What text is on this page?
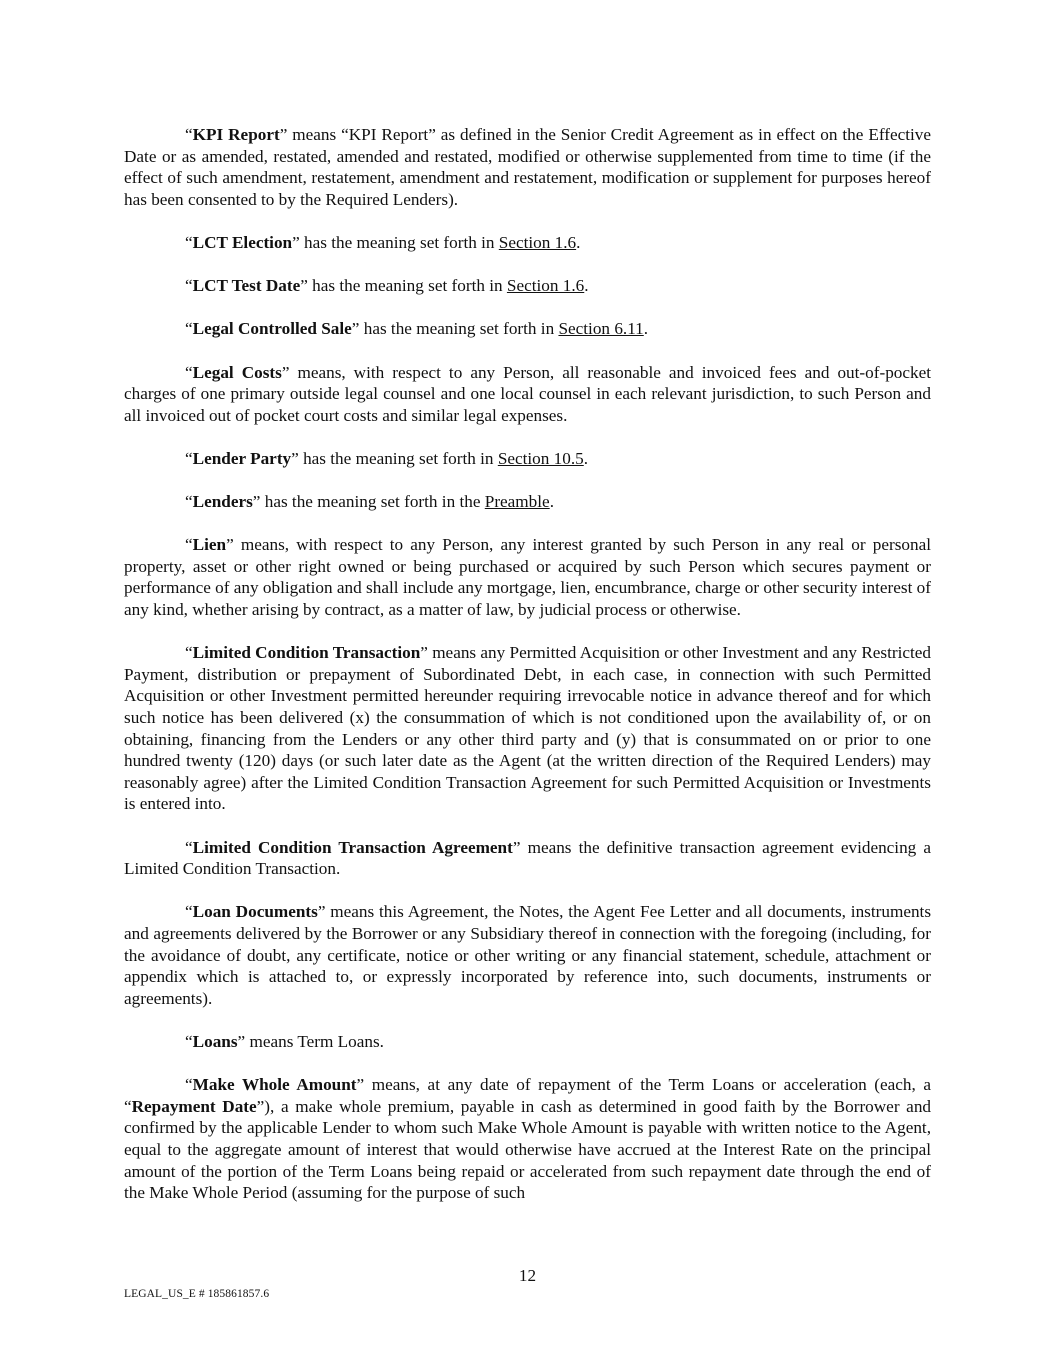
“KPI Report” means “KPI Report” as defined in the Senior Credit Agreement as in effect on the Effective Date or as amended, restated, amended and restated, modified or otherwise supplemented from time to time (if the effect of such amendment, restatement, amendment and restatement, modification or supplement for purposes hereof has been consented to by the Required Lenders).

“LCT Election” has the meaning set forth in Section 1.6.

“LCT Test Date” has the meaning set forth in Section 1.6.

“Legal Controlled Sale” has the meaning set forth in Section 6.11.

“Legal Costs” means, with respect to any Person, all reasonable and invoiced fees and out-of-pocket charges of one primary outside legal counsel and one local counsel in each relevant jurisdiction, to such Person and all invoiced out of pocket court costs and similar legal expenses.

“Lender Party” has the meaning set forth in Section 10.5.

“Lenders” has the meaning set forth in the Preamble.

“Lien” means, with respect to any Person, any interest granted by such Person in any real or personal property, asset or other right owned or being purchased or acquired by such Person which secures payment or performance of any obligation and shall include any mortgage, lien, encumbrance, charge or other security interest of any kind, whether arising by contract, as a matter of law, by judicial process or otherwise.

“Limited Condition Transaction” means any Permitted Acquisition or other Investment and any Restricted Payment, distribution or prepayment of Subordinated Debt, in each case, in connection with such Permitted Acquisition or other Investment permitted hereunder requiring irrevocable notice in advance thereof and for which such notice has been delivered (x) the consummation of which is not conditioned upon the availability of, or on obtaining, financing from the Lenders or any other third party and (y) that is consummated on or prior to one hundred twenty (120) days (or such later date as the Agent (at the written direction of the Required Lenders) may reasonably agree) after the Limited Condition Transaction Agreement for such Permitted Acquisition or Investments is entered into.

“Limited Condition Transaction Agreement” means the definitive transaction agreement evidencing a Limited Condition Transaction.

“Loan Documents” means this Agreement, the Notes, the Agent Fee Letter and all documents, instruments and agreements delivered by the Borrower or any Subsidiary thereof in connection with the foregoing (including, for the avoidance of doubt, any certificate, notice or other writing or any financial statement, schedule, attachment or appendix which is attached to, or expressly incorporated by reference into, such documents, instruments or agreements).

“Loans” means Term Loans.

“Make Whole Amount” means, at any date of repayment of the Term Loans or acceleration (each, a “Repayment Date”), a make whole premium, payable in cash as determined in good faith by the Borrower and confirmed by the applicable Lender to whom such Make Whole Amount is payable with written notice to the Agent, equal to the aggregate amount of interest that would otherwise have accrued at the Interest Rate on the principal amount of the portion of the Term Loans being repaid or accelerated from such repayment date through the end of the Make Whole Period (assuming for the purpose of such

12
LEGAL_US_E # 185861857.6
